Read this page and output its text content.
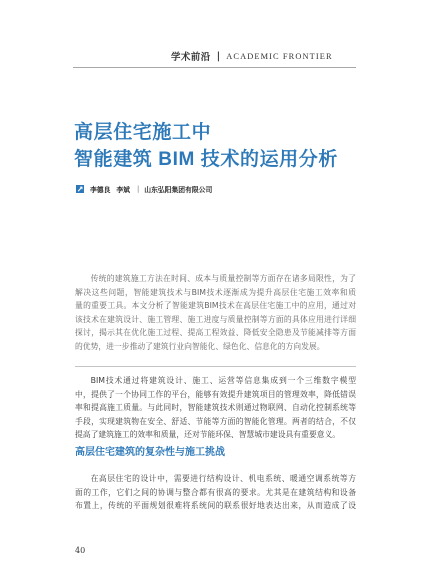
学术前沿 | ACADEMIC FRONTIER
高层住宅施工中
智能建筑 BIM 技术的运用分析
李德良 李斌 | 山东弘阳集团有限公司
传统的建筑施工方法在时间、成本与质量控制等方面存在诸多局限性，为了
解决这些问题，智能建筑技术与BIM技术逐渐成为提升高层住宅施工效率和质
量的重要工具。本文分析了智能建筑BIM技术在高层住宅施工中的应用，通过对
该技术在建筑设计、施工管理、施工进度与质量控制等方面的具体应用进行详细
探讨，揭示其在优化施工过程、提高工程效益、降低安全隐患及节能减排等方面
的优势，进一步推动了建筑行业向智能化、绿色化、信息化的方向发展。
BIM技术通过将建筑设计、施工、运营等信息集成到一个三维数字模型
中，提供了一个协同工作的平台，能够有效提升建筑项目的管理效率，降低错误
率和提高施工质量。与此同时，智能建筑技术则通过物联网、自动化控制系统等
手段，实现建筑物在安全、舒适、节能等方面的智能化管理。两者的结合，不仅
提高了建筑施工的效率和质量，还对节能环保、智慧城市建设具有重要意义。
高层住宅建筑的复杂性与施工挑战
在高层住宅的设计中，需要进行结构设计、机电系统、暖通空调系统等方
面的工作，它们之间的协调与整合都有很高的要求。尤其是在建筑结构和设备
布置上，传统的平面规划很难将系统间的联系很好地表达出来，从而造成了设
40
